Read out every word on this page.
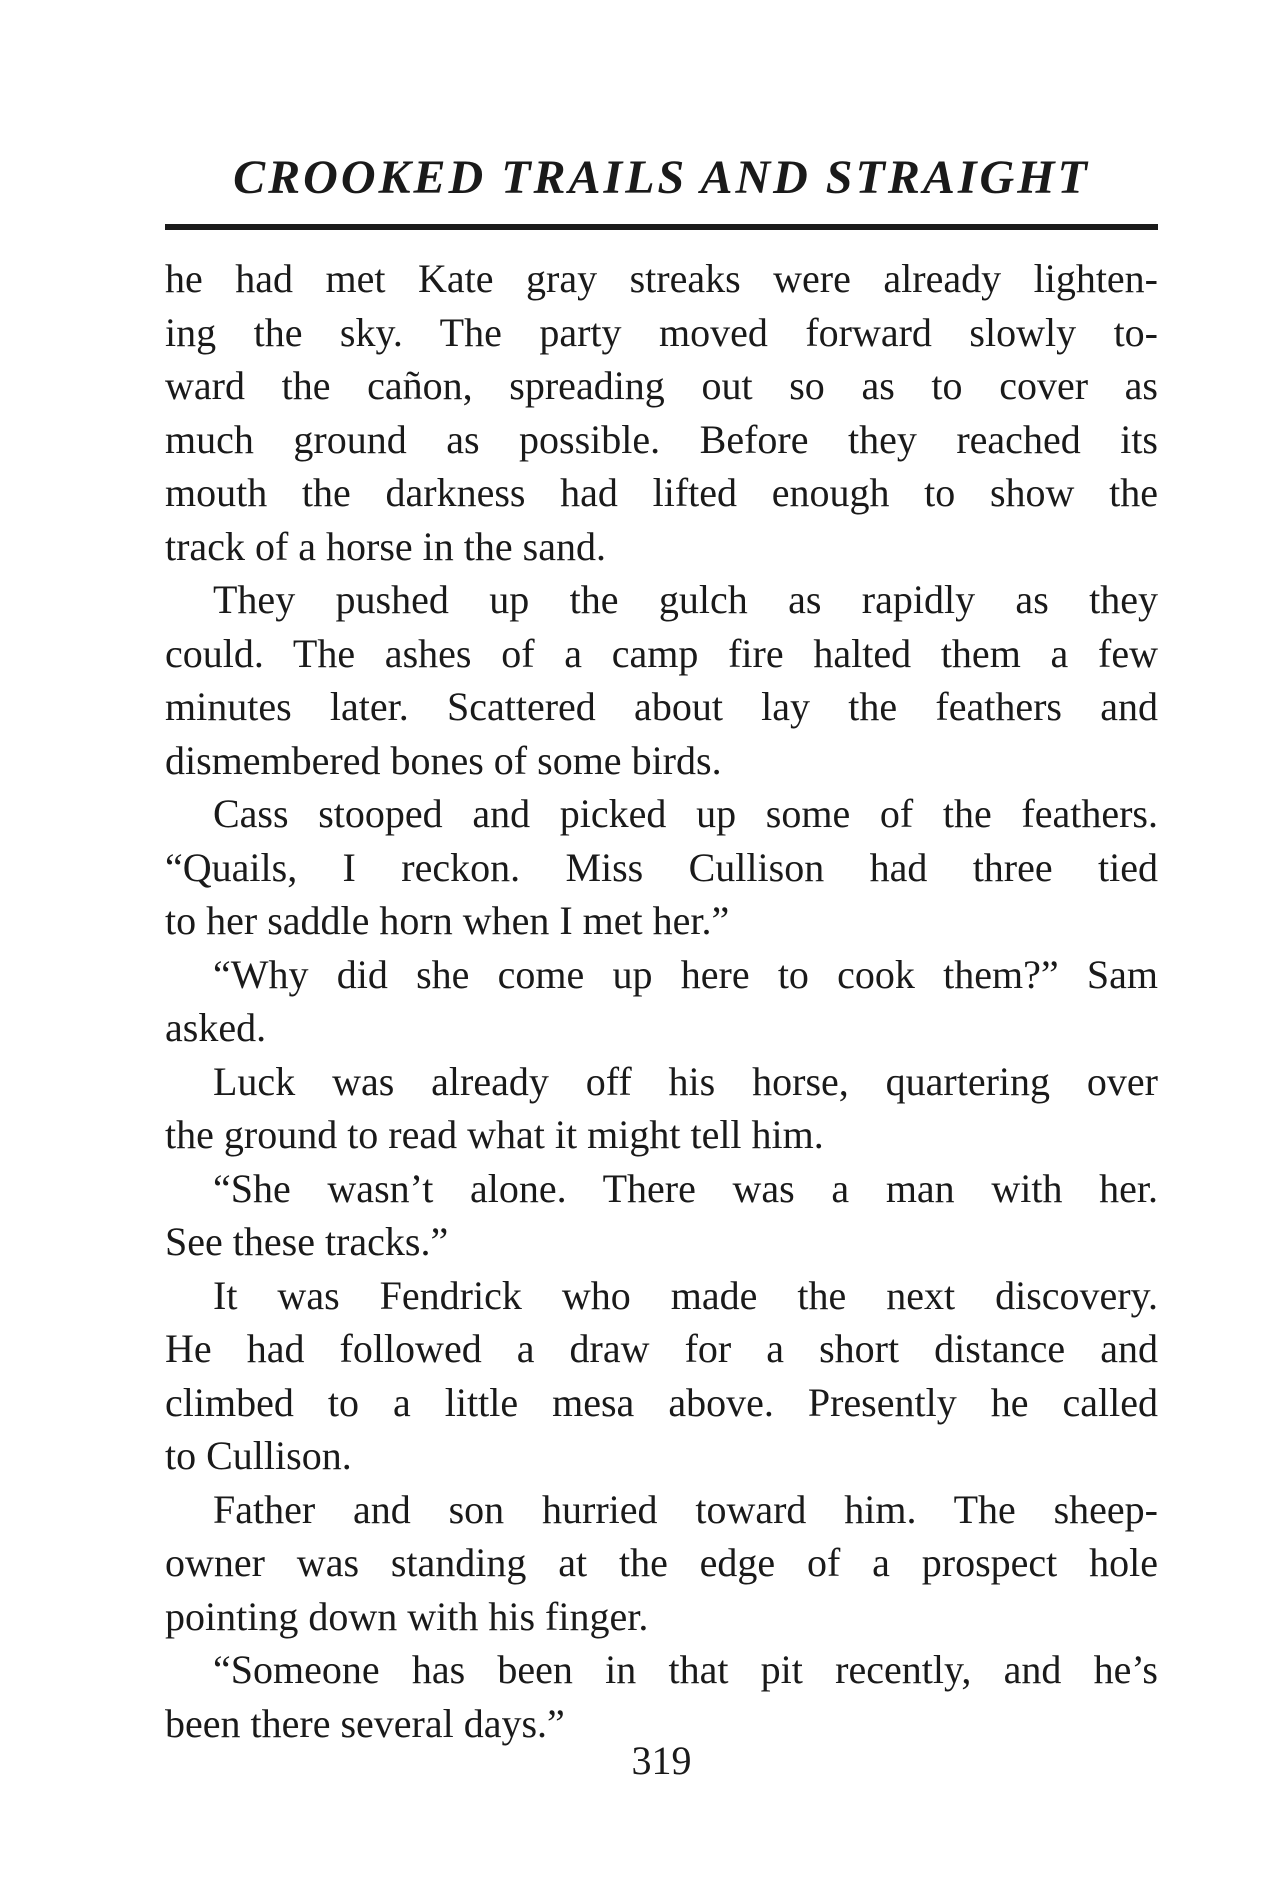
CROOKED TRAILS AND STRAIGHT
he had met Kate gray streaks were already lighten-
ing the sky. The party moved forward slowly to-
ward the cañon, spreading out so as to cover as
much ground as possible. Before they reached its
mouth the darkness had lifted enough to show the
track of a horse in the sand.
They pushed up the gulch as rapidly as they
could. The ashes of a camp fire halted them a few
minutes later. Scattered about lay the feathers and
dismembered bones of some birds.
Cass stooped and picked up some of the feathers.
“Quails, I reckon. Miss Cullison had three tied
to her saddle horn when I met her.”
“Why did she come up here to cook them?” Sam
asked.
Luck was already off his horse, quartering over
the ground to read what it might tell him.
“She wasn’t alone. There was a man with her.
See these tracks.”
It was Fendrick who made the next discovery.
He had followed a draw for a short distance and
climbed to a little mesa above. Presently he called
to Cullison.
Father and son hurried toward him. The sheep-
owner was standing at the edge of a prospect hole
pointing down with his finger.
“Someone has been in that pit recently, and he’s
been there several days.”
319
